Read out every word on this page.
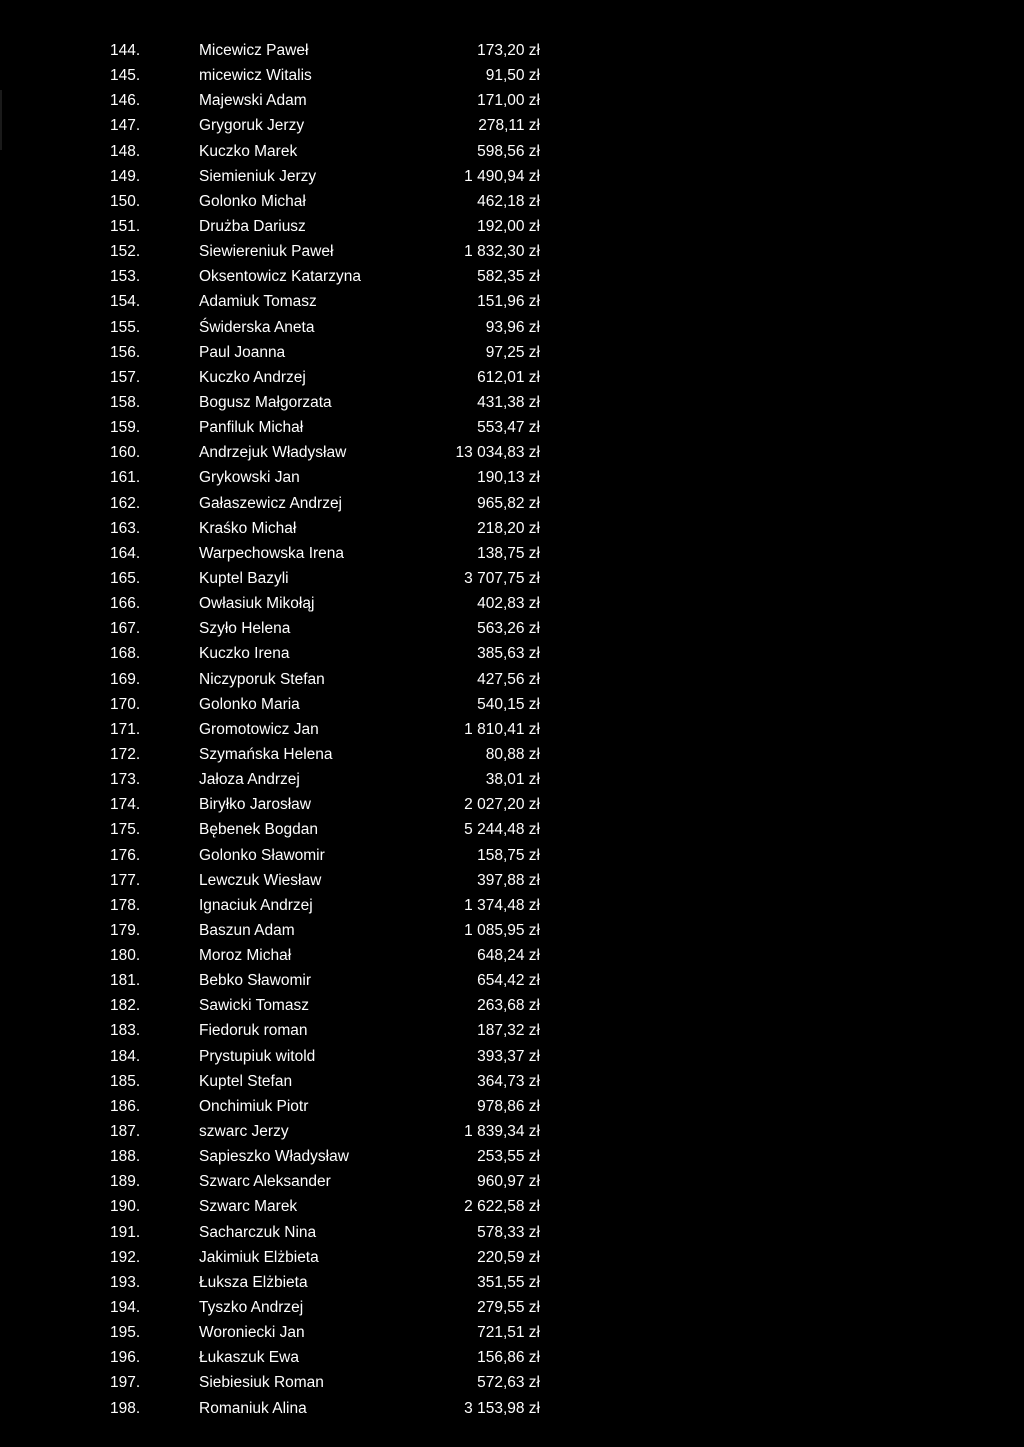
144.	Micewicz Paweł	173,20 zł
145.	micewicz Witalis	91,50 zł
146.	Majewski Adam	171,00 zł
147.	Grygoruk Jerzy	278,11 zł
148.	Kuczko Marek	598,56 zł
149.	Siemieniuk Jerzy	1 490,94 zł
150.	Golonko Michał	462,18 zł
151.	Drużba Dariusz	192,00 zł
152.	Siewiereniuk Paweł	1 832,30 zł
153.	Oksentowicz Katarzyna	582,35 zł
154.	Adamiuk Tomasz	151,96 zł
155.	Świderska Aneta	93,96 zł
156.	Paul Joanna	97,25 zł
157.	Kuczko Andrzej	612,01 zł
158.	Bogusz Małgorzata	431,38 zł
159.	Panfiluk Michał	553,47 zł
160.	Andrzejuk Władysław	13 034,83 zł
161.	Grykowski Jan	190,13 zł
162.	Gałaszewicz Andrzej	965,82 zł
163.	Kraśko Michał	218,20 zł
164.	Warpechowska Irena	138,75 zł
165.	Kuptel Bazyli	3 707,75 zł
166.	Owłasiuk Mikołąj	402,83 zł
167.	Szyło Helena	563,26 zł
168.	Kuczko Irena	385,63 zł
169.	Niczyporuk Stefan	427,56 zł
170.	Golonko Maria	540,15 zł
171.	Gromotowicz Jan	1 810,41 zł
172.	Szymańska Helena	80,88 zł
173.	Jałoza Andrzej	38,01 zł
174.	Biryłko Jarosław	2 027,20 zł
175.	Bębenek Bogdan	5 244,48 zł
176.	Golonko Sławomir	158,75 zł
177.	Lewczuk Wiesław	397,88 zł
178.	Ignaciuk Andrzej	1 374,48 zł
179.	Baszun Adam	1 085,95 zł
180.	Moroz Michał	648,24 zł
181.	Bebko Sławomir	654,42 zł
182.	Sawicki Tomasz	263,68 zł
183.	Fiedoruk roman	187,32 zł
184.	Prystupiuk witold	393,37 zł
185.	Kuptel Stefan	364,73 zł
186.	Onchimiuk Piotr	978,86 zł
187.	szwarc Jerzy	1 839,34 zł
188.	Sapieszko Władysław	253,55 zł
189.	Szwarc Aleksander	960,97 zł
190.	Szwarc Marek	2 622,58 zł
191.	Sacharczuk Nina	578,33 zł
192.	Jakimiuk Elżbieta	220,59 zł
193.	Łuksza Elżbieta	351,55 zł
194.	Tyszko Andrzej	279,55 zł
195.	Woroniecki Jan	721,51 zł
196.	Łukaszuk Ewa	156,86 zł
197.	Siebiesiuk Roman	572,63 zł
198.	Romaniuk Alina	3 153,98 zł
